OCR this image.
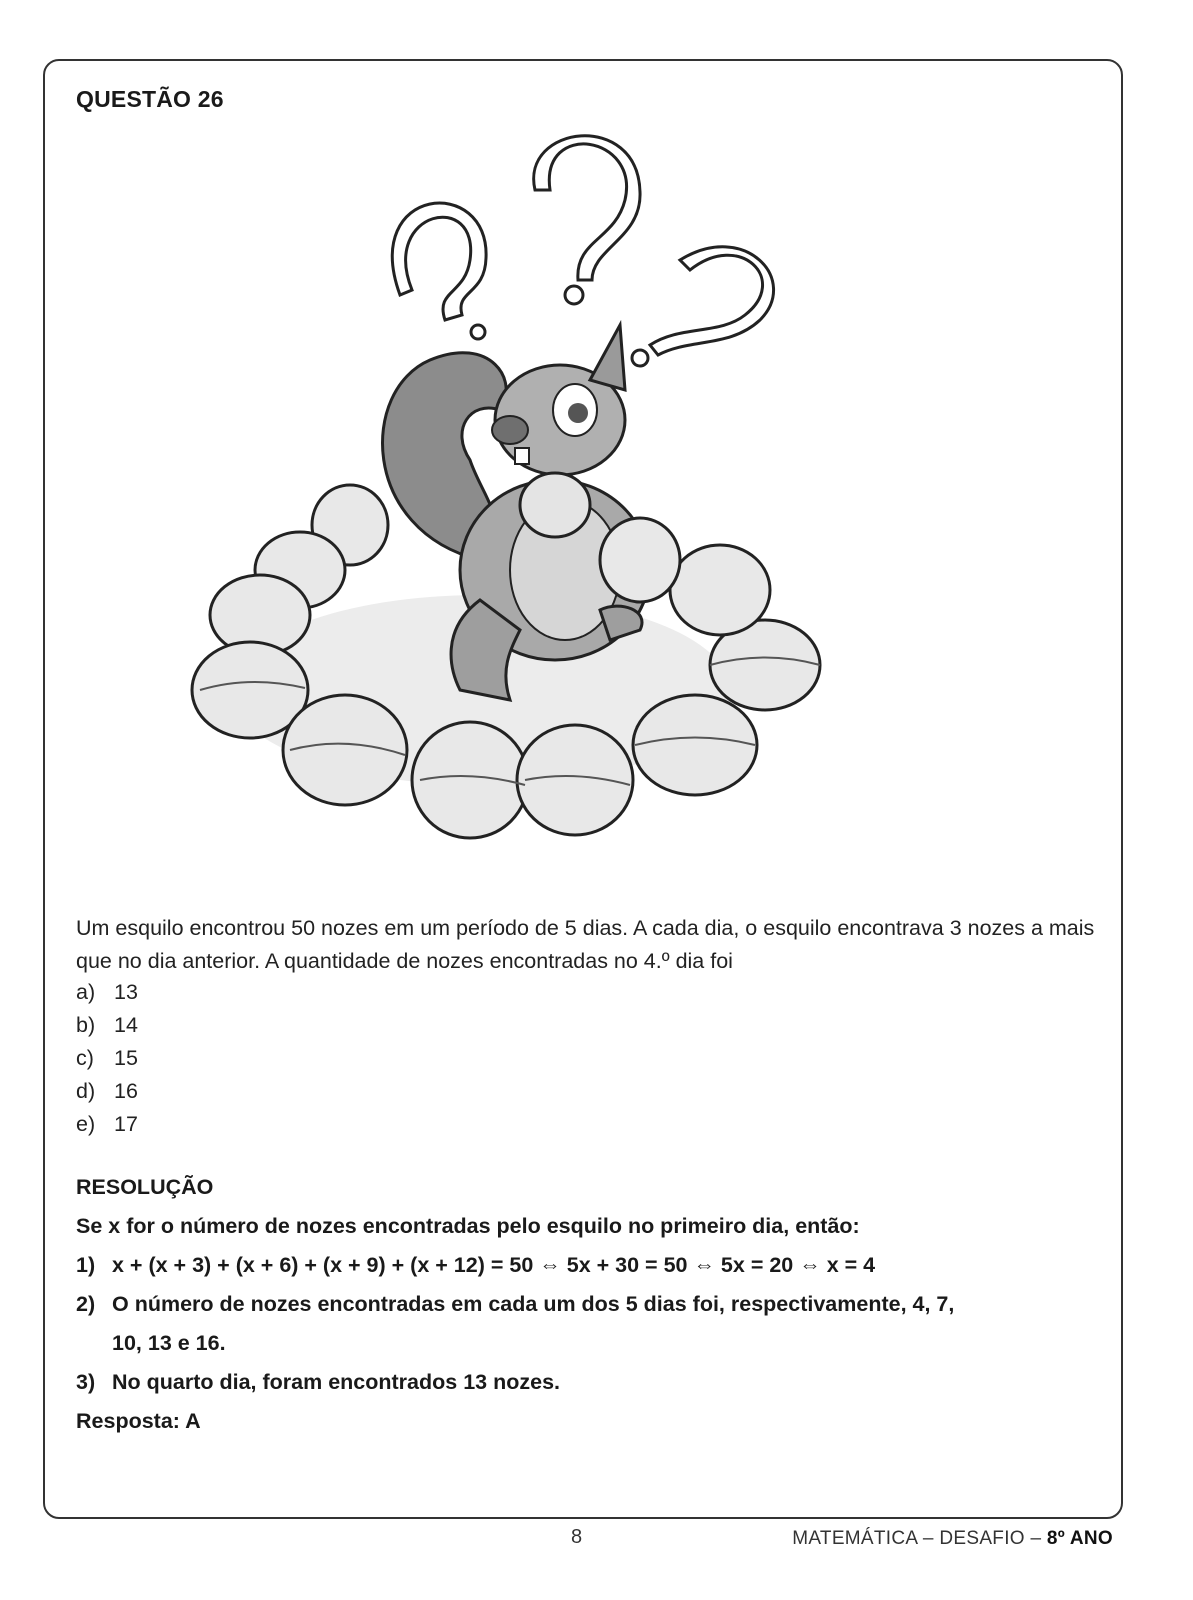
QUESTÃO 26
Um esquilo encontrou 50 nozes em um período de 5 dias. A cada dia, o esquilo encontrava 3 nozes a mais que no dia anterior. A quantidade de nozes encontradas no 4.º dia foi
a) 13
b) 14
c) 15
d) 16
e) 17
RESOLUÇÃO
Se x for o número de nozes encontradas pelo esquilo no primeiro dia, então:
1) x + (x + 3) + (x + 6) + (x + 9) + (x + 12) = 50 ⇔ 5x + 30 = 50 ⇔ 5x = 20 ⇔ x = 4
2) O número de nozes encontradas em cada um dos 5 dias foi, respectivamente, 4, 7,
10, 13 e 16.
3) No quarto dia, foram encontrados 13 nozes.
Resposta: A
8	MATEMÁTICA – DESAFIO – 8º ANO
